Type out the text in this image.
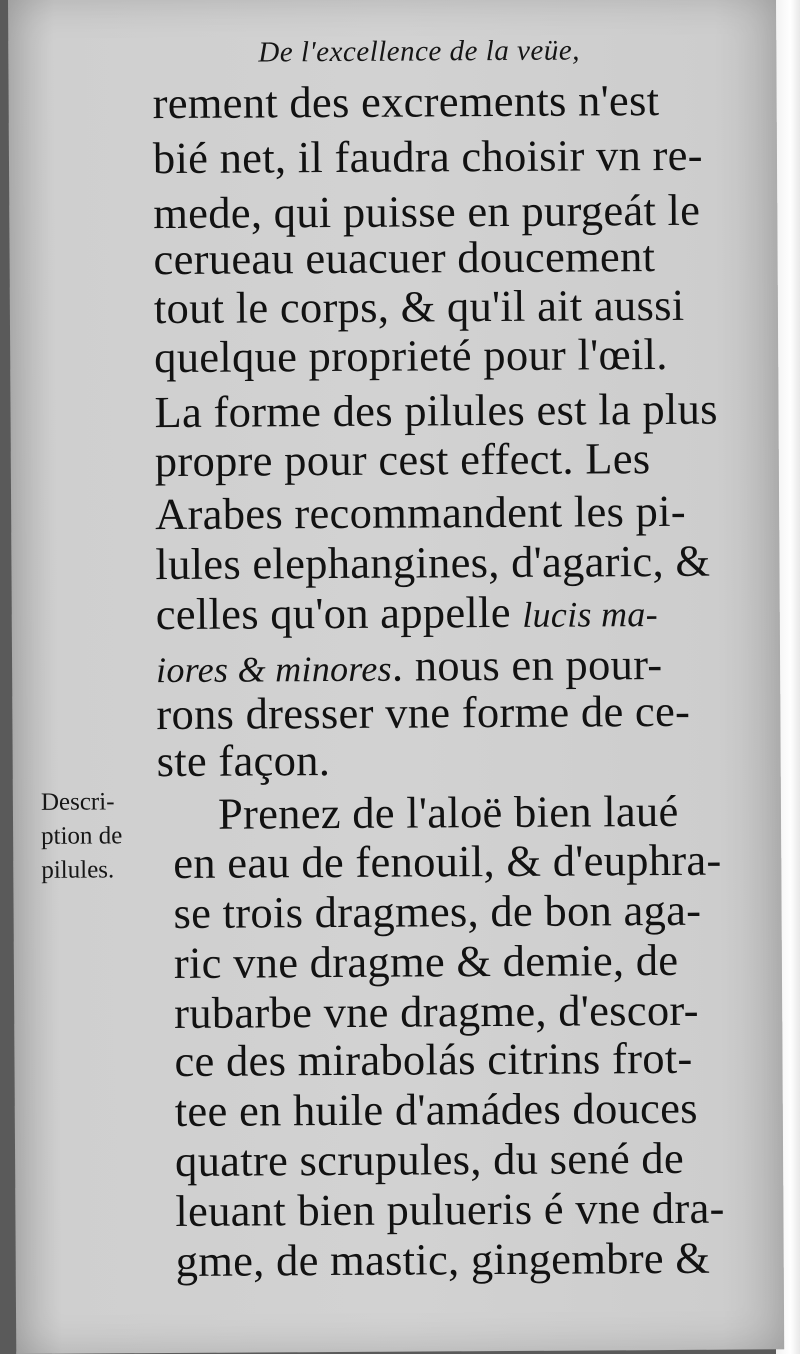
De l'excellence de la veüe,
rement des excrements n'est
bié net, il faudra choisir vn re-
mede, qui puisse en purgeát le
cerueau euacuer doucement
tout le corps, & qu'il ait aussi
quelque proprieté pour l'œil.
La forme des pilules est la plus
propre pour cest effect. Les
Arabes recommandent les pi-
lules elephangines, d'agaric, &
celles qu'on appelle lucis ma-
iores & minores. nous en pour-
rons dresser vne forme de ce-
ste façon.
Descri-
ption de
pilules.
Prenez de l'aloë bien laué
en eau de fenouil, & d'euphra-
se trois dragmes, de bon aga-
ric vne dragme & demie, de
rubarbe vne dragme, d'escor-
ce des mirabolás citrins frot-
tee en huile d'amádes douces
quatre scrupules, du sené de
leuant bien pulueris é vne dra-
gme, de mastic, gingembre &
